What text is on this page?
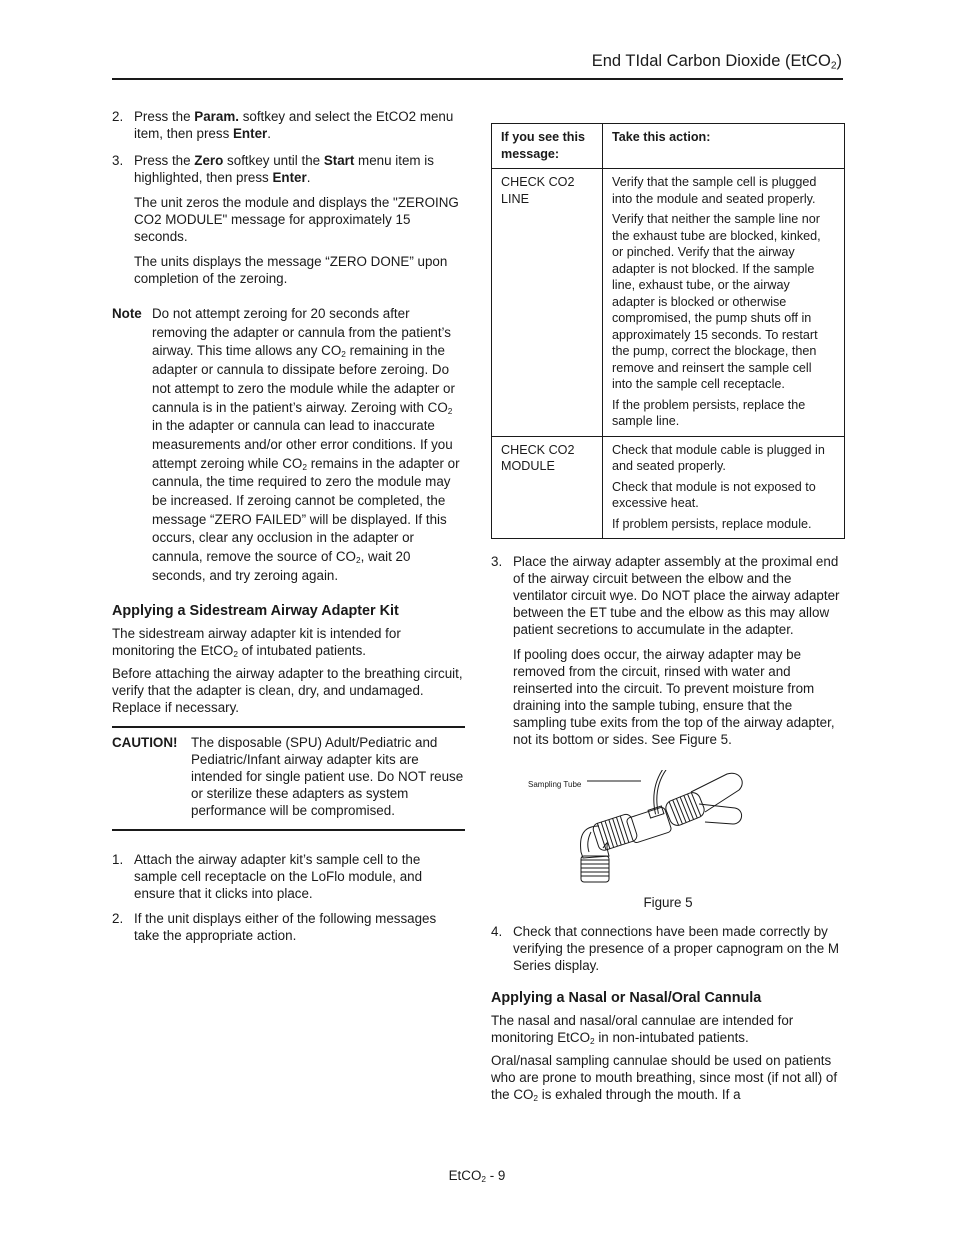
End TIdal Carbon Dioxide (EtCO$_2$)
2. Press the Param. softkey and select the EtCO2 menu item, then press Enter.

3. Press the Zero softkey until the Start menu item is highlighted, then press Enter.

The unit zeros the module and displays the "ZEROING CO2 MODULE" message for approximately 15 seconds.

The units displays the message “ZERO DONE” upon completion of the zeroing.

Note Do not attempt zeroing for 20 seconds after removing the adapter or cannula from the patient’s airway. This time allows any $CO_2$ remaining in the adapter or cannula to dissipate before zeroing. Do not attempt to zero the module while the adapter or cannula is in the patient’s airway. Zeroing with $CO_2$ in the adapter or cannula can lead to inaccurate measurements and/or other error conditions. If you attempt zeroing while $CO_2$ remains in the adapter or cannula, the time required to zero the module may be increased. If zeroing cannot be completed, the message “ZERO FAILED” will be displayed. If this occurs, clear any occlusion in the adapter or cannula, remove the source of $CO_2$, wait 20 seconds, and try zeroing again.

Applying a Sidestream Airway Adapter Kit

The sidestream airway adapter kit is intended for monitoring the EtCO$_2$ of intubated patients.

Before attaching the airway adapter to the breathing circuit, verify that the adapter is clean, dry, and undamaged. Replace if necessary.

CAUTION!	The disposable (SPU) Adult/Pediatric and Pediatric/Infant airway adapter kits are intended for single patient use. Do NOT reuse or sterilize these adapters as system performance will be compromised.

1. Attach the airway adapter kit’s sample cell to the sample cell receptacle on the LoFlo module, and ensure that it clicks into place.

2. If the unit displays either of the following messages take the appropriate action.

If you see this message:	Take this action:
CHECK CO2 LINE	Verify that the sample cell is plugged into the module and seated properly.

Verify that neither the sample line nor the exhaust tube are blocked, kinked, or pinched. Verify that the airway adapter is not blocked. If the sample line, exhaust tube, or the airway adapter is blocked or otherwise compromised, the pump shuts off in approximately 15 seconds. To restart the pump, correct the blockage, then remove and reinsert the sample cell into the sample cell receptacle.

If the problem persists, replace the sample line.

CHECK CO2 MODULE	Check that module cable is plugged in and seated properly.

Check that module is not exposed to excessive heat.

If problem persists, replace module.

3. Place the airway adapter assembly at the proximal end of the airway circuit between the elbow and the ventilator circuit wye. Do NOT place the airway adapter between the ET tube and the elbow as this may allow patient secretions to accumulate in the adapter.

If pooling does occur, the airway adapter may be removed from the circuit, rinsed with water and reinserted into the circuit. To prevent moisture from draining into the sample tubing, ensure that the sampling tube exits from the top of the airway adapter, not its bottom or sides. See Figure 5.

Sampling Tube

Figure 5

4. Check that connections have been made correctly by verifying the presence of a proper capnogram on the M Series display.

Applying a Nasal or Nasal/Oral Cannula

The nasal and nasal/oral cannulae are intended for monitoring EtCO$_2$ in non-intubated patients.

Oral/nasal sampling cannulae should be used on patients who are prone to mouth breathing, since most (if not all) of the $CO_2$ is exhaled through the mouth. If a

EtCO$_2$ - 9
